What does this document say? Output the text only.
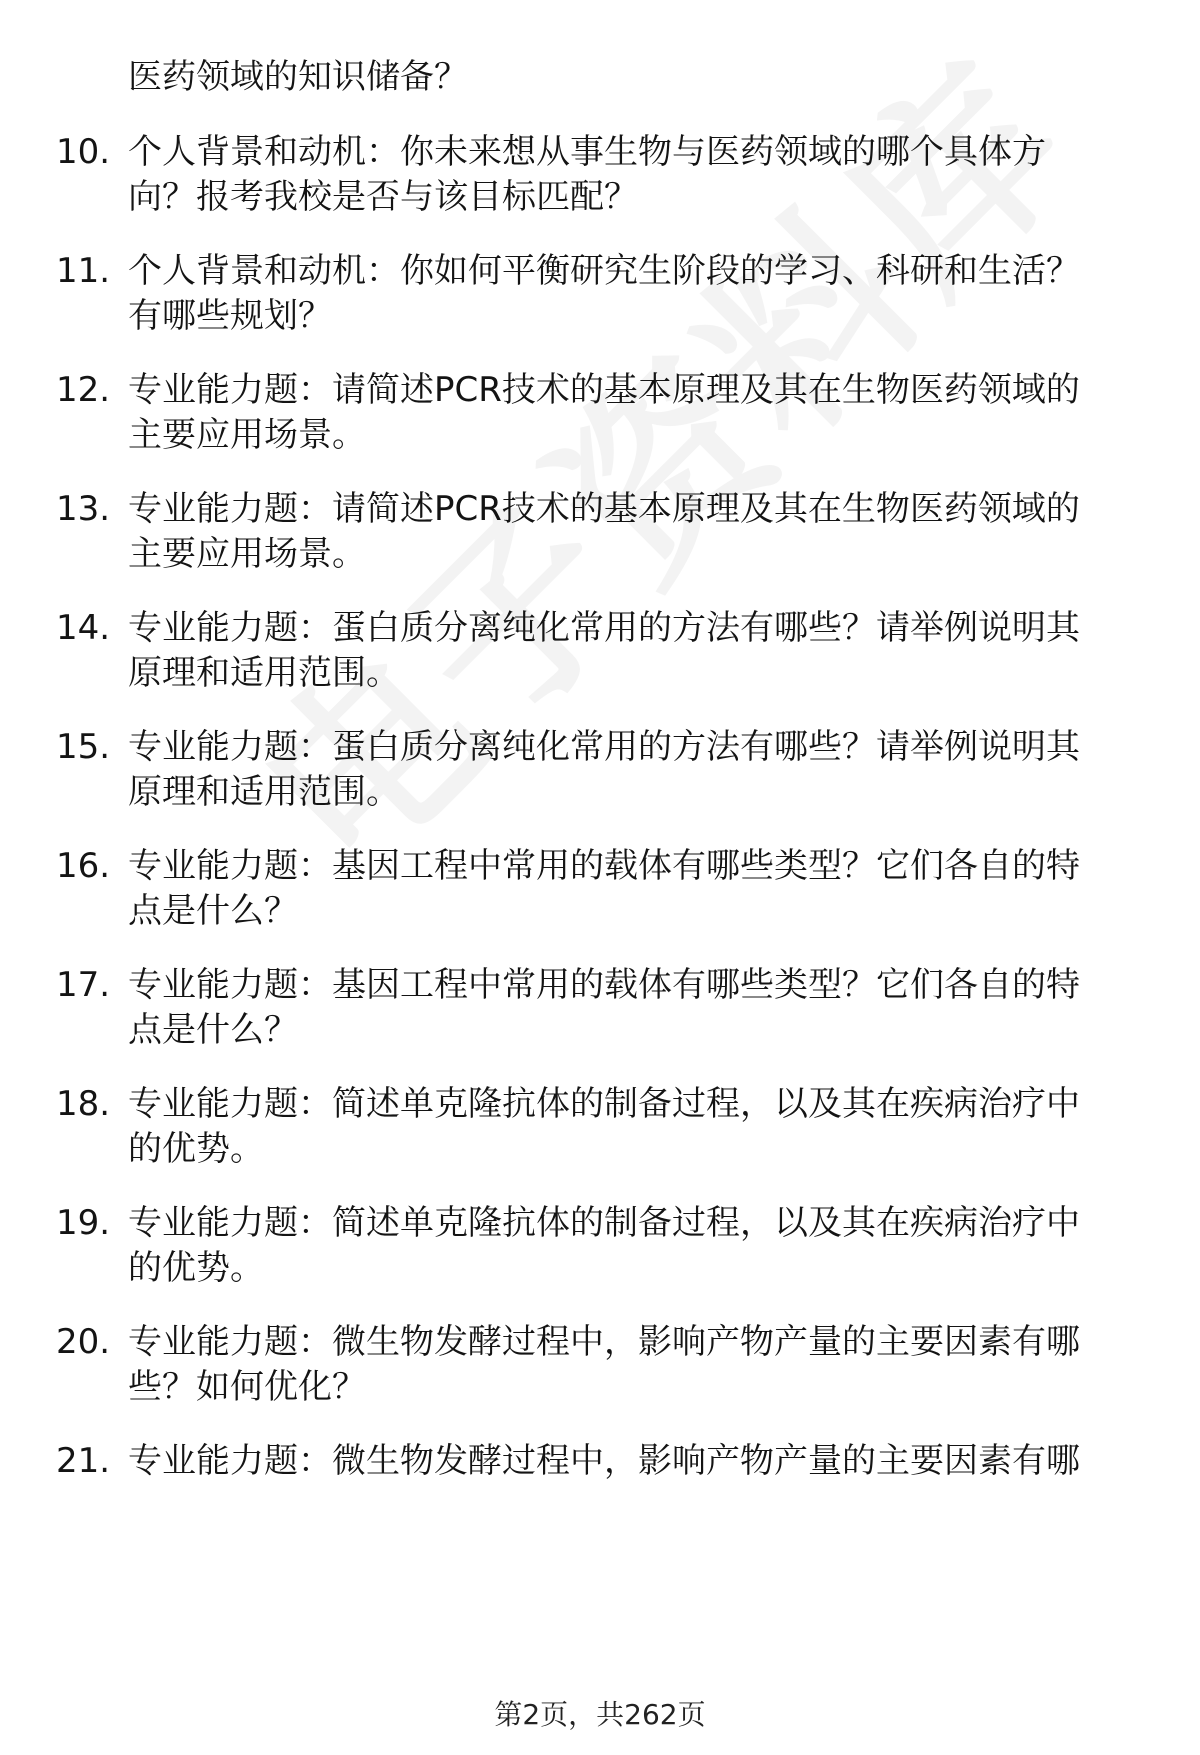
医药领域的知识储备？
10. 个人背景和动机：你未来想从事生物与医药领域的哪个具体方
向？报考我校是否与该目标匹配？
11. 个人背景和动机：你如何平衡研究生阶段的学习、科研和生活？
有哪些规划？
12. 专业能力题：请简述PCR技术的基本原理及其在生物医药领域的
主要应用场景。
13. 专业能力题：请简述PCR技术的基本原理及其在生物医药领域的
主要应用场景。
14. 专业能力题：蛋白质分离纯化常用的方法有哪些？请举例说明其
原理和适用范围。
15. 专业能力题：蛋白质分离纯化常用的方法有哪些？请举例说明其
原理和适用范围。
16. 专业能力题：基因工程中常用的载体有哪些类型？它们各自的特
点是什么？
17. 专业能力题：基因工程中常用的载体有哪些类型？它们各自的特
点是什么？
18. 专业能力题：简述单克隆抗体的制备过程，以及其在疾病治疗中
的优势。
19. 专业能力题：简述单克隆抗体的制备过程，以及其在疾病治疗中
的优势。
20. 专业能力题：微生物发酵过程中，影响产物产量的主要因素有哪
些？如何优化？
21. 专业能力题：微生物发酵过程中，影响产物产量的主要因素有哪
第2页，共262页
